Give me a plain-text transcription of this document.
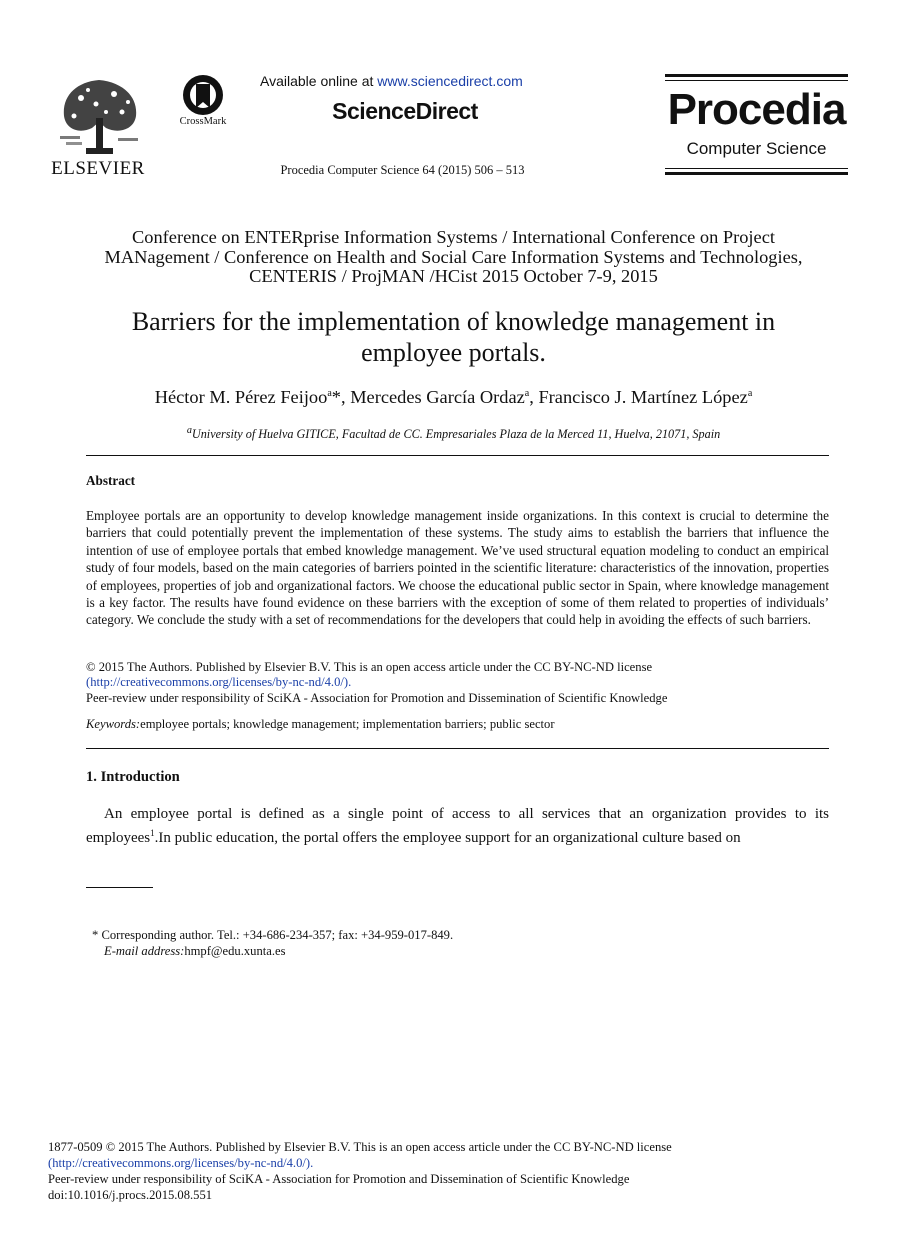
ELSEVIER
CrossMark
Available online at www.sciencedirect.com
ScienceDirect
Procedia Computer Science 64 (2015) 506 – 513
Procedia
Computer Science
Conference on ENTERprise Information Systems / International Conference on Project
MANagement / Conference on Health and Social Care Information Systems and Technologies,
CENTERIS / ProjMAN /HCist 2015 October 7-9, 2015
Barriers for the implementation of knowledge management in
employee portals.
Héctor M. Pérez Feijoo$^a$*, Mercedes García Ordaz$^a$, Francisco J. Martínez López$^a$
$^a$University of Huelva GITICE, Facultad de CC. Empresariales Plaza de la Merced 11, Huelva, 21071, Spain
Abstract
Employee portals are an opportunity to develop knowledge management inside organizations. In this context is crucial to determine the barriers that could potentially prevent the implementation of these systems. The study aims to establish the barriers that influence the intention of use of employee portals that embed knowledge management. We’ve used structural equation modeling to conduct an empirical study of four models, based on the main categories of barriers pointed in the scientific literature: characteristics of the innovation, properties of employees, properties of job and organizational factors. We choose the educational public sector in Spain, where knowledge management is a key factor. The results have found evidence on these barriers with the exception of some of them related to properties of individuals’ category. We conclude the study with a set of recommendations for the developers that could help in avoiding the effects of such barriers.
© 2015 The Authors. Published by Elsevier B.V. This is an open access article under the CC BY-NC-ND license
(http://creativecommons.org/licenses/by-nc-nd/4.0/).
Peer-review under responsibility of SciKA - Association for Promotion and Dissemination of Scientific Knowledge
Keywords:employee portals; knowledge management; implementation barriers; public sector
1. Introduction
An employee portal is defined as a single point of access to all services that an organization provides to its employees$^1$.In public education, the portal offers the employee support for an organizational culture based on
* Corresponding author. Tel.: +34-686-234-357; fax: +34-959-017-849.
E-mail address:hmpf@edu.xunta.es
1877-0509 © 2015 The Authors. Published by Elsevier B.V. This is an open access article under the CC BY-NC-ND license
(http://creativecommons.org/licenses/by-nc-nd/4.0/).
Peer-review under responsibility of SciKA - Association for Promotion and Dissemination of Scientific Knowledge
doi:10.1016/j.procs.2015.08.551
